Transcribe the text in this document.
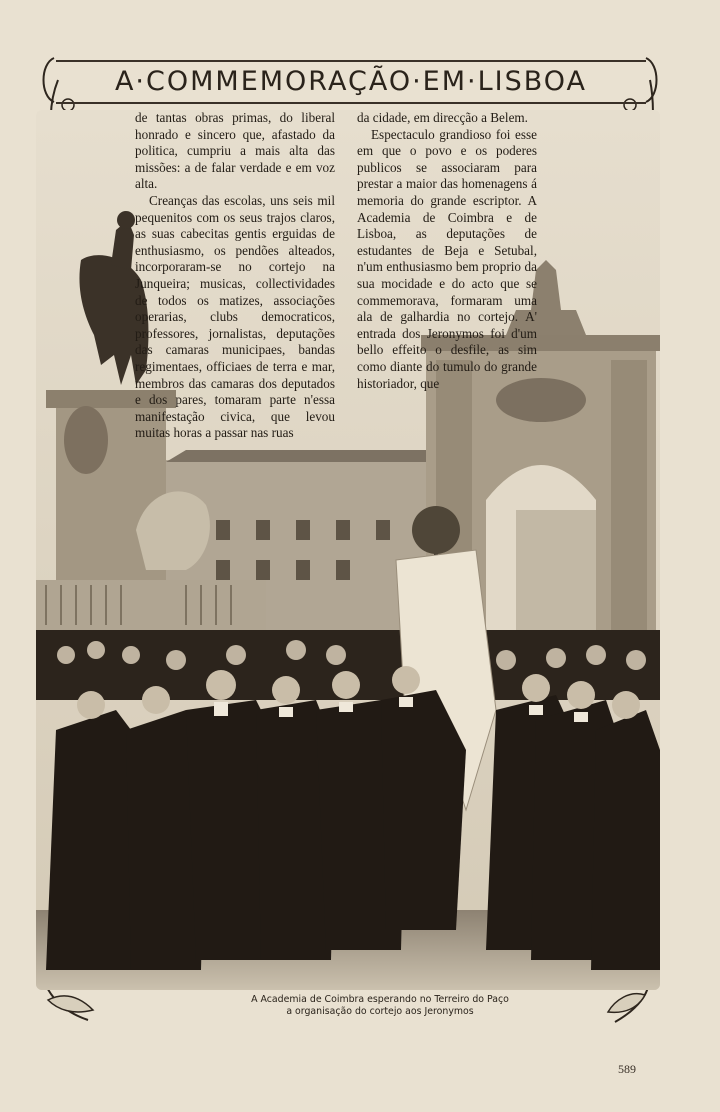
A·COMMEMORAÇÃO·EM·LISBOA

de tantas obras primas, do liberal honrado e sincero que, afastado da politica, cumpriu a mais alta das missões: a de falar verdade e em voz alta.

Creanças das escolas, uns seis mil pequenitos com os seus trajos claros, as suas cabecitas gentis erguidas de enthusiasmo, os pendões alteados, incorporaram-se no cortejo na Junqueira; musicas, collectividades de todos os matizes, associações operarias, clubs democraticos, professores, jornalistas, deputações das camaras municipaes, bandas regimentaes, officiaes de terra e mar, membros das camaras dos deputados e dos pares, tomaram parte n'essa manifestação civica, que levou muitas horas a passar nas ruas

da cidade, em direcção a Belem.

Espectaculo grandioso foi esse em que o povo e os poderes publicos se associaram para prestar a maior das homenagens á memoria do grande escriptor. A Academia de Coimbra e de Lisboa, as deputações de estudantes de Beja e Setubal, n'um enthusiasmo bem proprio da sua mocidade e do acto que se commemorava, formaram uma ala de galhardia no cortejo. A' entrada dos Jeronymos foi d'um bello effeito o desfile, as sim como diante do tumulo do grande historiador, que

A Academia de Coimbra esperando no Terreiro do Paço
a organisação do cortejo aos Jeronymos
589
